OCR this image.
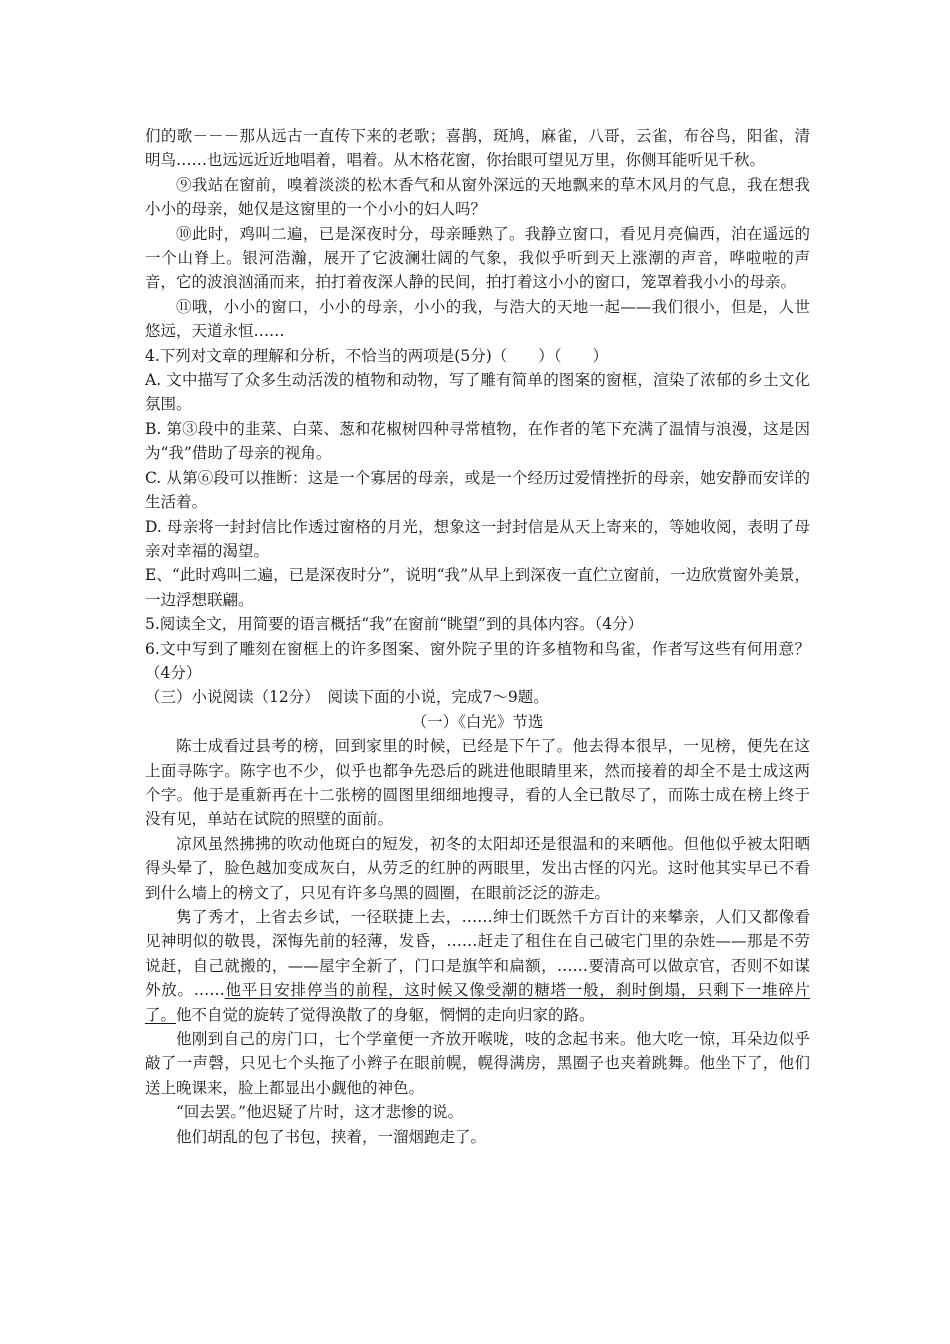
们的歌－－－那从远古一直传下来的老歌；喜鹊，斑鸠，麻雀，八哥，云雀，布谷鸟，阳雀，清明鸟……也远远近近地唱着，唱着。从木格花窗，你抬眼可望见万里，你侧耳能听见千秋。

⑨我站在窗前，嗅着淡淡的松木香气和从窗外深远的天地飘来的草木风月的气息，我在想我小小的母亲，她仅是这窗里的一个小小的妇人吗？

⑩此时，鸡叫二遍，已是深夜时分，母亲睡熟了。我静立窗口，看见月亮偏西，泊在遥远的一个山脊上。银河浩瀚，展开了它波澜壮阔的气象，我似乎听到天上涨潮的声音，哗啦啦的声音，它的波浪汹涌而来，拍打着夜深人静的民间，拍打着这小小的窗口，笼罩着我小小的母亲。

⑪哦，小小的窗口，小小的母亲，小小的我，与浩大的天地一起——我们很小，但是，人世悠远，天道永恒……

4.下列对文章的理解和分析，不恰当的两项是(5分)（　　）（　　）

A. 文中描写了众多生动活泼的植物和动物，写了雕有简单的图案的窗框，渲染了浓郁的乡土文化氛围。

B. 第③段中的韭菜、白菜、葱和花椒树四种寻常植物，在作者的笔下充满了温情与浪漫，这是因为“我”借助了母亲的视角。

C. 从第⑥段可以推断：这是一个寡居的母亲，或是一个经历过爱情挫折的母亲，她安静而安详的生活着。

D. 母亲将一封封信比作透过窗格的月光，想象这一封封信是从天上寄来的，等她收阅，表明了母亲对幸福的渴望。

E、“此时鸡叫二遍，已是深夜时分”，说明“我”从早上到深夜一直伫立窗前，一边欣赏窗外美景，一边浮想联翩。

5.阅读全文，用简要的语言概括“我”在窗前“眺望”到的具体内容。（4分）

6.文中写到了雕刻在窗框上的许多图案、窗外院子里的许多植物和鸟雀，作者写这些有何用意？（4分）

（三）小说阅读（12分）　阅读下面的小说，完成7～9题。

（一）《白光》节选

陈士成看过县考的榜，回到家里的时候，已经是下午了。他去得本很早，一见榜，便先在这上面寻陈字。陈字也不少，似乎也都争先恐后的跳进他眼睛里来，然而接着的却全不是士成这两个字。他于是重新再在十二张榜的圆图里细细地搜寻，看的人全已散尽了，而陈士成在榜上终于没有见，单站在试院的照壁的面前。

凉风虽然拂拂的吹动他斑白的短发，初冬的太阳却还是很温和的来晒他。但他似乎被太阳晒得头晕了，脸色越加变成灰白，从劳乏的红肿的两眼里，发出古怪的闪光。这时他其实早已不看到什么墙上的榜文了，只见有许多乌黑的圆圈，在眼前泛泛的游走。

隽了秀才，上省去乡试，一径联捷上去，……绅士们既然千方百计的来攀亲，人们又都像看见神明似的敬畏，深悔先前的轻薄，发昏，……赶走了租住在自己破宅门里的杂姓——那是不劳说赶，自己就搬的，——屋宇全新了，门口是旗竿和扁额，……要清高可以做京官，否则不如谋外放。……他平日安排停当的前程，这时候又像受潮的糖塔一般，刹时倒塌，只剩下一堆碎片了。他不自觉的旋转了觉得涣散了的身躯，惘惘的走向归家的路。

他刚到自己的房门口，七个学童便一齐放开喉咙，吱的念起书来。他大吃一惊，耳朵边似乎敲了一声磬，只见七个头拖了小辫子在眼前幌，幌得满房，黑圈子也夹着跳舞。他坐下了，他们送上晚课来，脸上都显出小觑他的神色。

“回去罢。”他迟疑了片时，这才悲惨的说。

他们胡乱的包了书包，挟着，一溜烟跑走了。
